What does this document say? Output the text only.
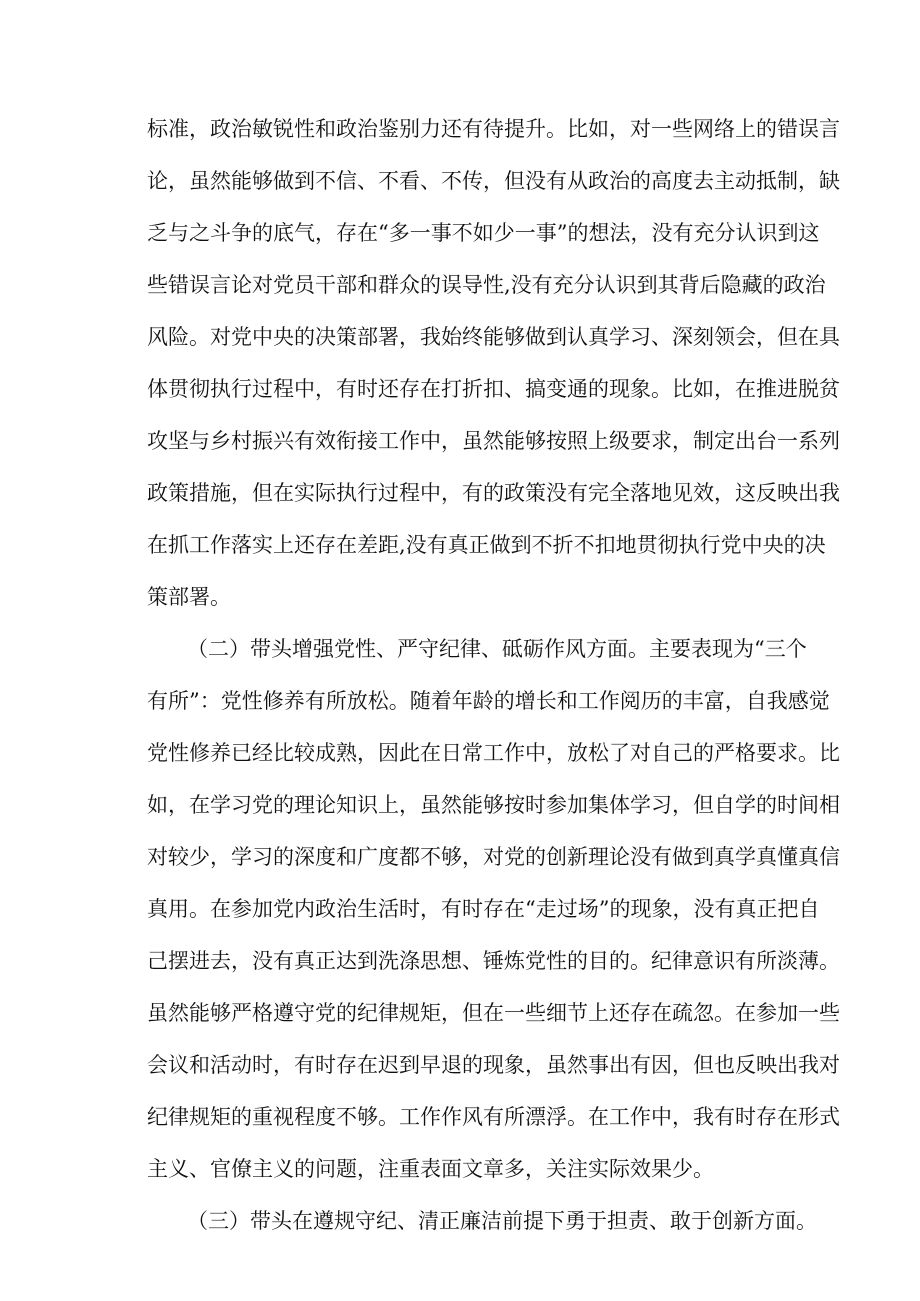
标准，政治敏锐性和政治鉴别力还有待提升。比如，对一些网络上的错误言
论，虽然能够做到不信、不看、不传，但没有从政治的高度去主动抵制，缺
乏与之斗争的底气，存在“多一事不如少一事”的想法，没有充分认识到这
些错误言论对党员干部和群众的误导性,没有充分认识到其背后隐藏的政治
风险。对党中央的决策部署，我始终能够做到认真学习、深刻领会，但在具
体贯彻执行过程中，有时还存在打折扣、搞变通的现象。比如，在推进脱贫
攻坚与乡村振兴有效衔接工作中，虽然能够按照上级要求，制定出台一系列
政策措施，但在实际执行过程中，有的政策没有完全落地见效，这反映出我
在抓工作落实上还存在差距,没有真正做到不折不扣地贯彻执行党中央的决
策部署。
（二）带头增强党性、严守纪律、砥砺作风方面。主要表现为“三个
有所”：党性修养有所放松。随着年龄的增长和工作阅历的丰富，自我感觉
党性修养已经比较成熟，因此在日常工作中，放松了对自己的严格要求。比
如，在学习党的理论知识上，虽然能够按时参加集体学习，但自学的时间相
对较少，学习的深度和广度都不够，对党的创新理论没有做到真学真懂真信
真用。在参加党内政治生活时，有时存在“走过场”的现象，没有真正把自
己摆进去，没有真正达到洗涤思想、锤炼党性的目的。纪律意识有所淡薄。
虽然能够严格遵守党的纪律规矩，但在一些细节上还存在疏忽。在参加一些
会议和活动时，有时存在迟到早退的现象，虽然事出有因，但也反映出我对
纪律规矩的重视程度不够。工作作风有所漂浮。在工作中，我有时存在形式
主义、官僚主义的问题，注重表面文章多，关注实际效果少。
（三）带头在遵规守纪、清正廉洁前提下勇于担责、敢于创新方面。
